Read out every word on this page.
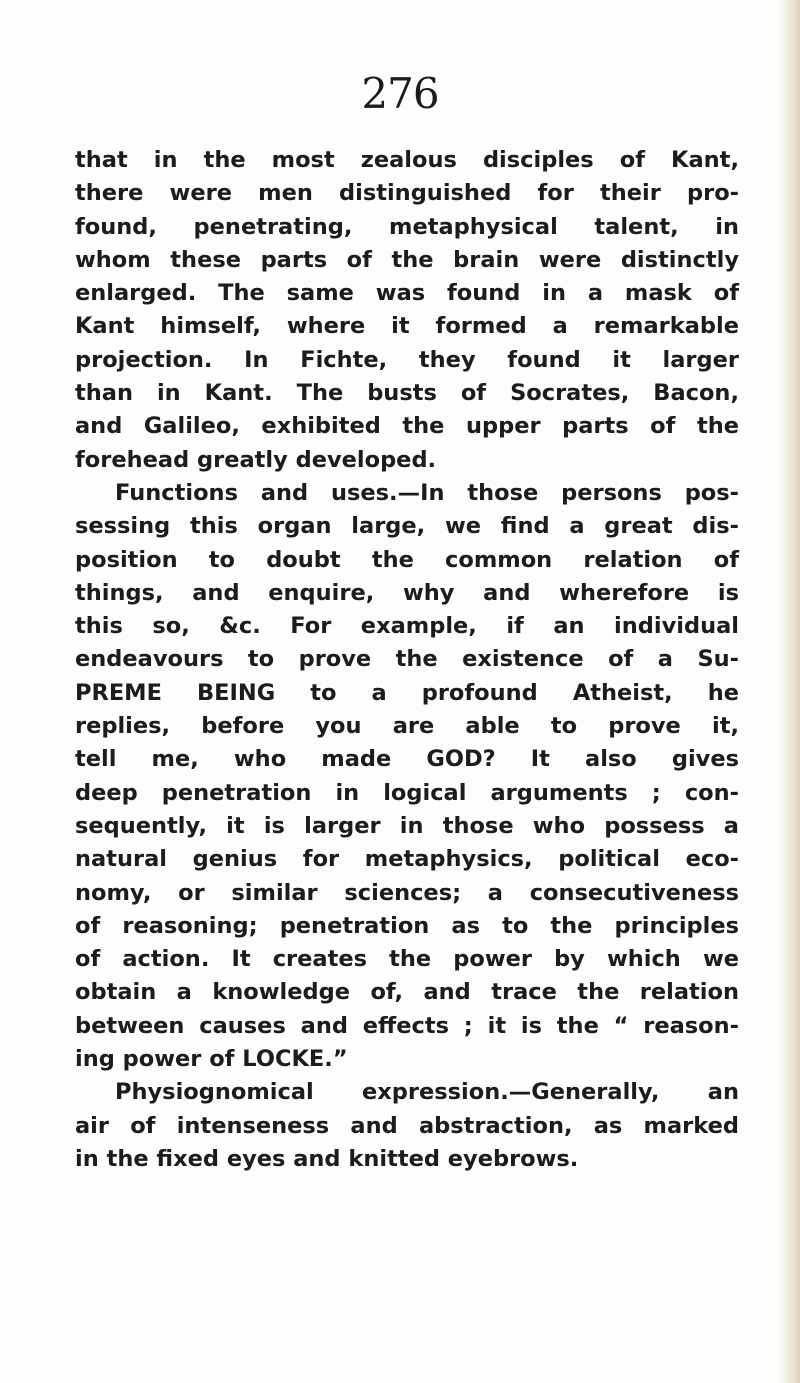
276
that in the most zealous disciples of Kant,
there were men distinguished for their pro-
found, penetrating, metaphysical talent, in
whom these parts of the brain were distinctly
enlarged. The same was found in a mask of
Kant himself, where it formed a remarkable
projection. In Fichte, they found it larger
than in Kant. The busts of Socrates, Bacon,
and Galileo, exhibited the upper parts of the
forehead greatly developed.
Functions and uses.—In those persons pos-
sessing this organ large, we find a great dis-
position to doubt the common relation of
things, and enquire, why and wherefore is
this so, &c. For example, if an individual
endeavours to prove the existence of a Su-
PREME BEING to a profound Atheist, he
replies, before you are able to prove it,
tell me, who made GOD? It also gives
deep penetration in logical arguments ; con-
sequently, it is larger in those who possess a
natural genius for metaphysics, political eco-
nomy, or similar sciences; a consecutiveness
of reasoning; penetration as to the principles
of action. It creates the power by which we
obtain a knowledge of, and trace the relation
between causes and effects ; it is the “ reason-
ing power of LOCKE.”
Physiognomical expression.—Generally, an
air of intenseness and abstraction, as marked
in the fixed eyes and knitted eyebrows.
